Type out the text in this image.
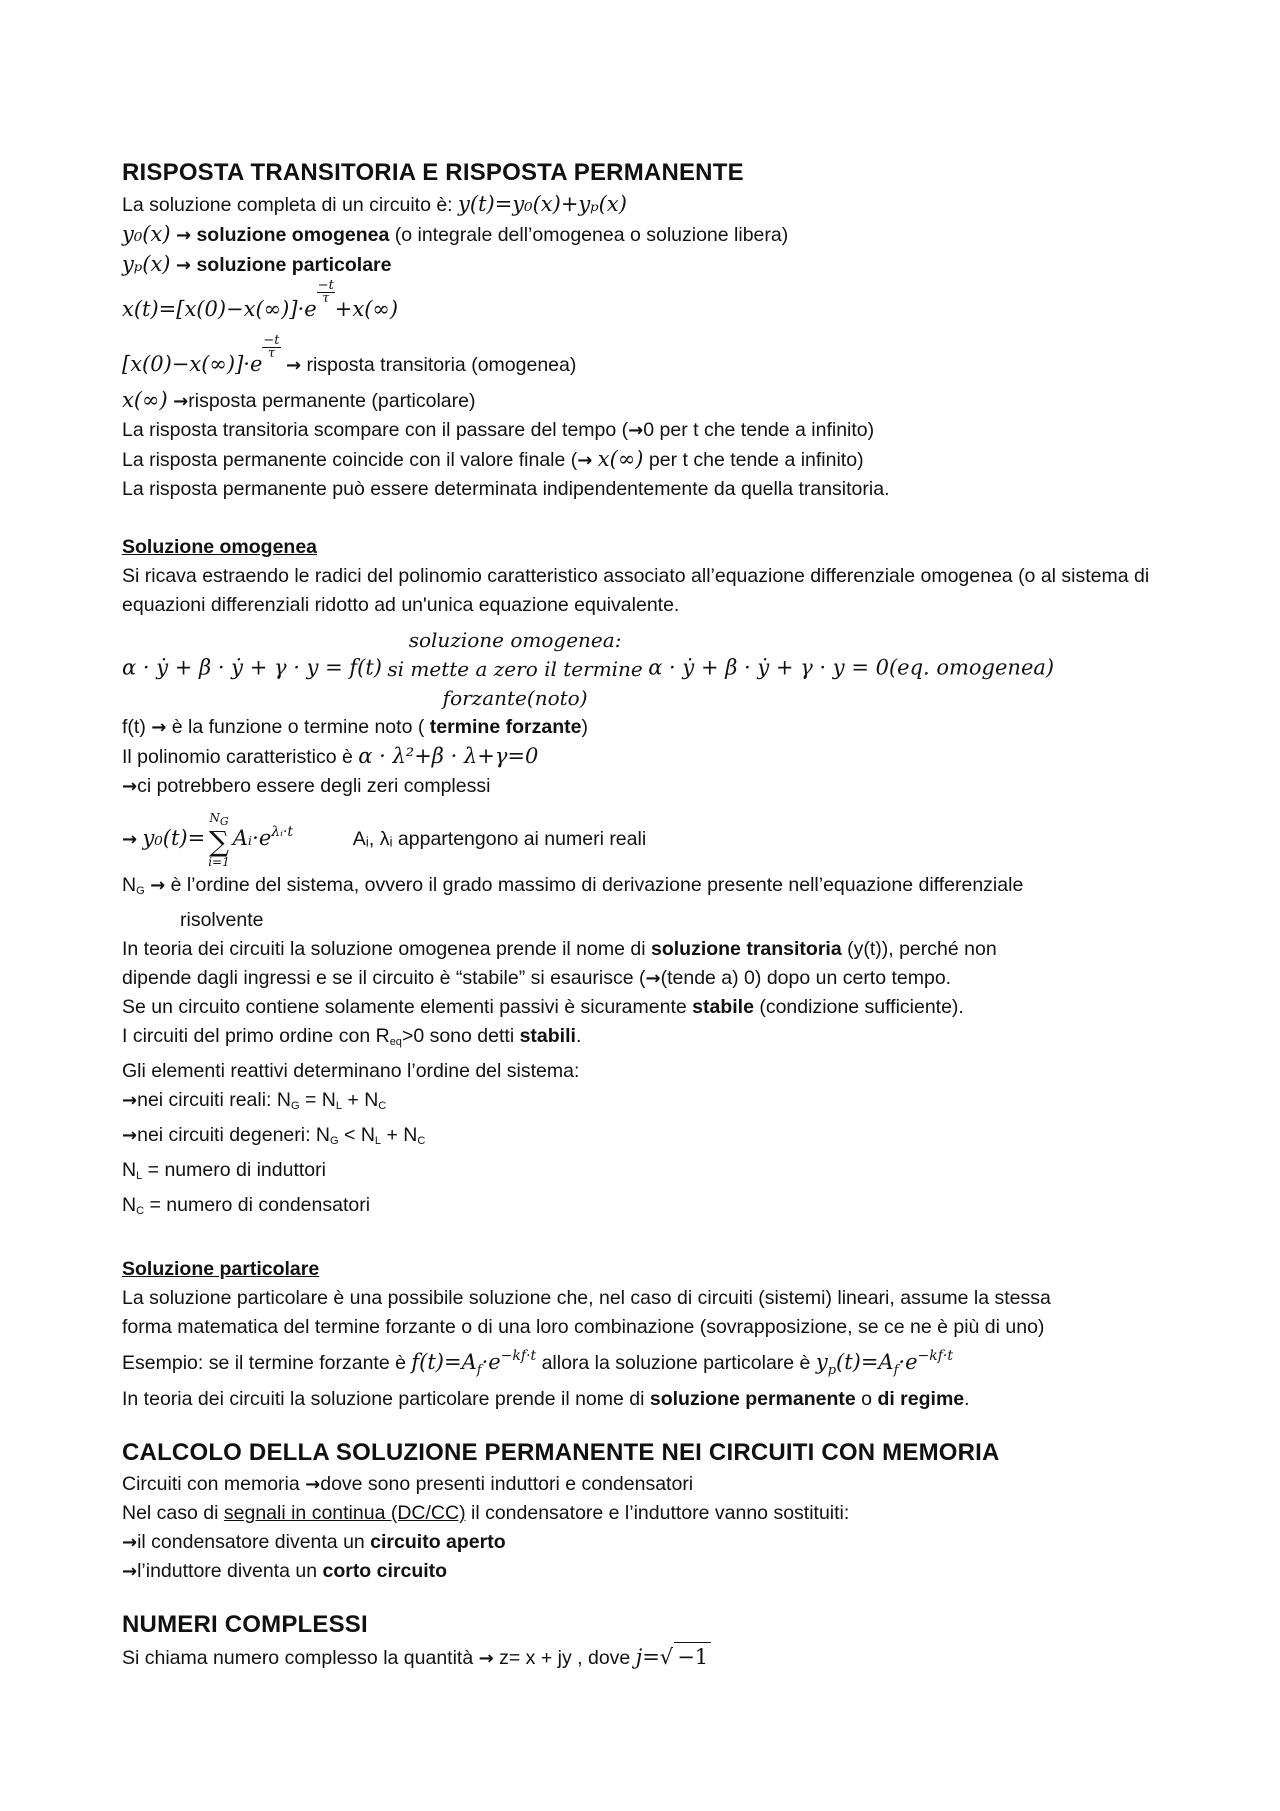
RISPOSTA TRANSITORIA E RISPOSTA PERMANENTE

La soluzione completa di un circuito è: y(t)=y₀(x)+yₚ(x)

y₀(x) → soluzione omogenea (o integrale dell’omogenea o soluzione libera)

yₚ(x) → soluzione particolare

x(t)=[x(0)−x(∞)]·e
$\frac{-t}{\tau}$
+x(∞)

[x(0)−x(∞)]·e
$\frac{-t}{\tau}$
→ risposta transitoria (omogenea)

x(∞) →risposta permanente (particolare)

La risposta transitoria scompare con il passare del tempo (→0 per t che tende a infinito)

La risposta permanente coincide con il valore finale (→ x(∞) per t che tende a infinito)

La risposta permanente può essere determinata indipendentemente da quella transitoria.

Soluzione omogenea

Si ricava estraendo le radici del polinomio caratteristico associato all’equazione differenziale omogenea (o al sistema di equazioni differenziali ridotto ad un'unica equazione equivalente.

α · ẏ + β · ẏ + γ · y = f(t)
soluzione omogenea:
si mette a zero il termine
forzante(noto)
α · ẏ + β · ẏ + γ · y = 0(eq. omogenea)

f(t) → è la funzione o termine noto ( termine forzante)

Il polinomio caratteristico è α · λ²+β · λ+γ=0

→ci potrebbero essere degli zeri complessi

→ y₀(t)=
NG
∑
i=1
$Aᵢ\cdot e^{\lambda ᵢ\cdot t}$	Aᵢ, λᵢ appartengono ai numeri reali

NG → è l’ordine del sistema, ovvero il grado massimo di derivazione presente nell’equazione differenziale

risolvente

In teoria dei circuiti la soluzione omogenea prende il nome di soluzione transitoria (y(t)), perché non

dipende dagli ingressi e se il circuito è “stabile” si esaurisce (→(tende a) 0) dopo un certo tempo.

Se un circuito contiene solamente elementi passivi è sicuramente stabile (condizione sufficiente).

I circuiti del primo ordine con Req>0 sono detti stabili.

Gli elementi reattivi determinano l’ordine del sistema:

→nei circuiti reali: NG = NL + NC

→nei circuiti degeneri: NG < NL + NC

NL = numero di induttori

NC = numero di condensatori

Soluzione particolare

La soluzione particolare è una possibile soluzione che, nel caso di circuiti (sistemi) lineari, assume la stessa

forma matematica del termine forzante o di una loro combinazione (sovrapposizione, se ce ne è più di uno)

Esempio: se il termine forzante è $f(t)=A_f\cdot e^{-kf\cdot t}$ allora la soluzione particolare è $y_p(t)=A_f\cdot e^{-kf\cdot t}$

In teoria dei circuiti la soluzione particolare prende il nome di soluzione permanente o di regime.

CALCOLO DELLA SOLUZIONE PERMANENTE NEI CIRCUITI CON MEMORIA

Circuiti con memoria →dove sono presenti induttori e condensatori

Nel caso di segnali in continua (DC/CC) il condensatore e l’induttore vanno sostituiti:

→il condensatore diventa un circuito aperto

→l’induttore diventa un corto circuito

NUMERI COMPLESSI

Si chiama numero complesso la quantità → z= x + jy , dove j=√ −1
